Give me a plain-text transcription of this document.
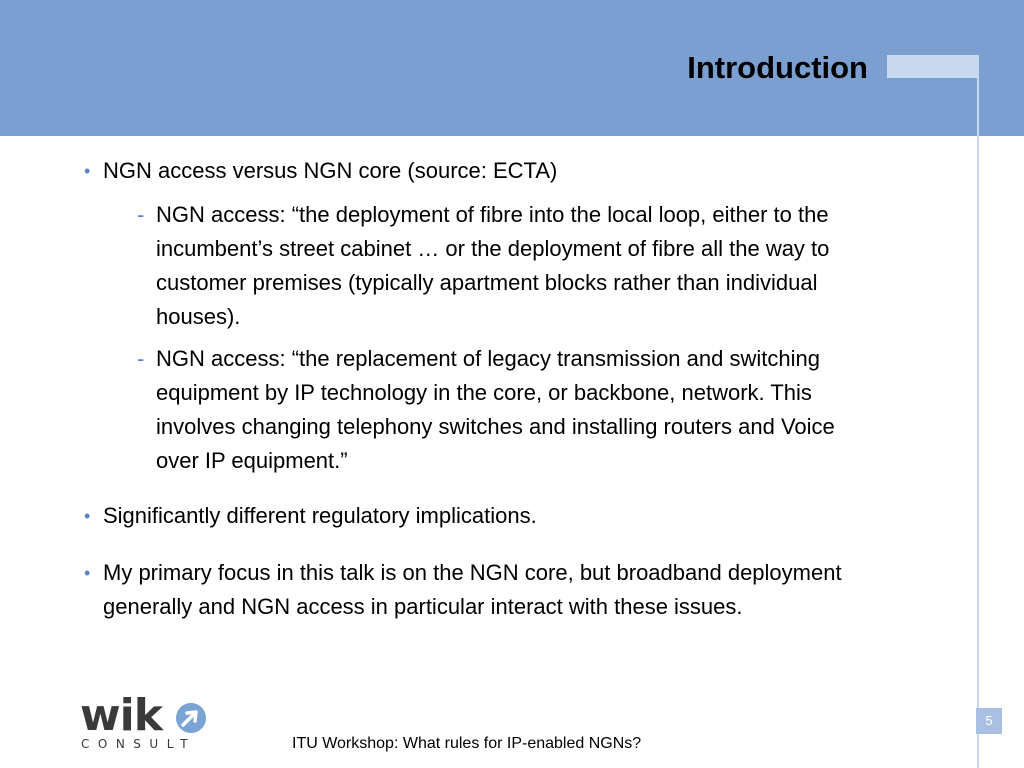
Introduction
• NGN access versus NGN core (source: ECTA)
- NGN access: “the deployment of fibre into the local loop, either to the incumbent’s street cabinet … or the deployment of fibre all the way to customer premises (typically apartment blocks rather than individual houses).
- NGN access: “the replacement of legacy transmission and switching equipment by IP technology in the core, or backbone, network. This involves changing telephony switches and installing routers and Voice over IP equipment.”
• Significantly different regulatory implications.
• My primary focus in this talk is on the NGN core, but broadband deployment generally and NGN access in particular interact with these issues.
wik
CONSULT	ITU Workshop: What rules for IP-enabled NGNs?
5
